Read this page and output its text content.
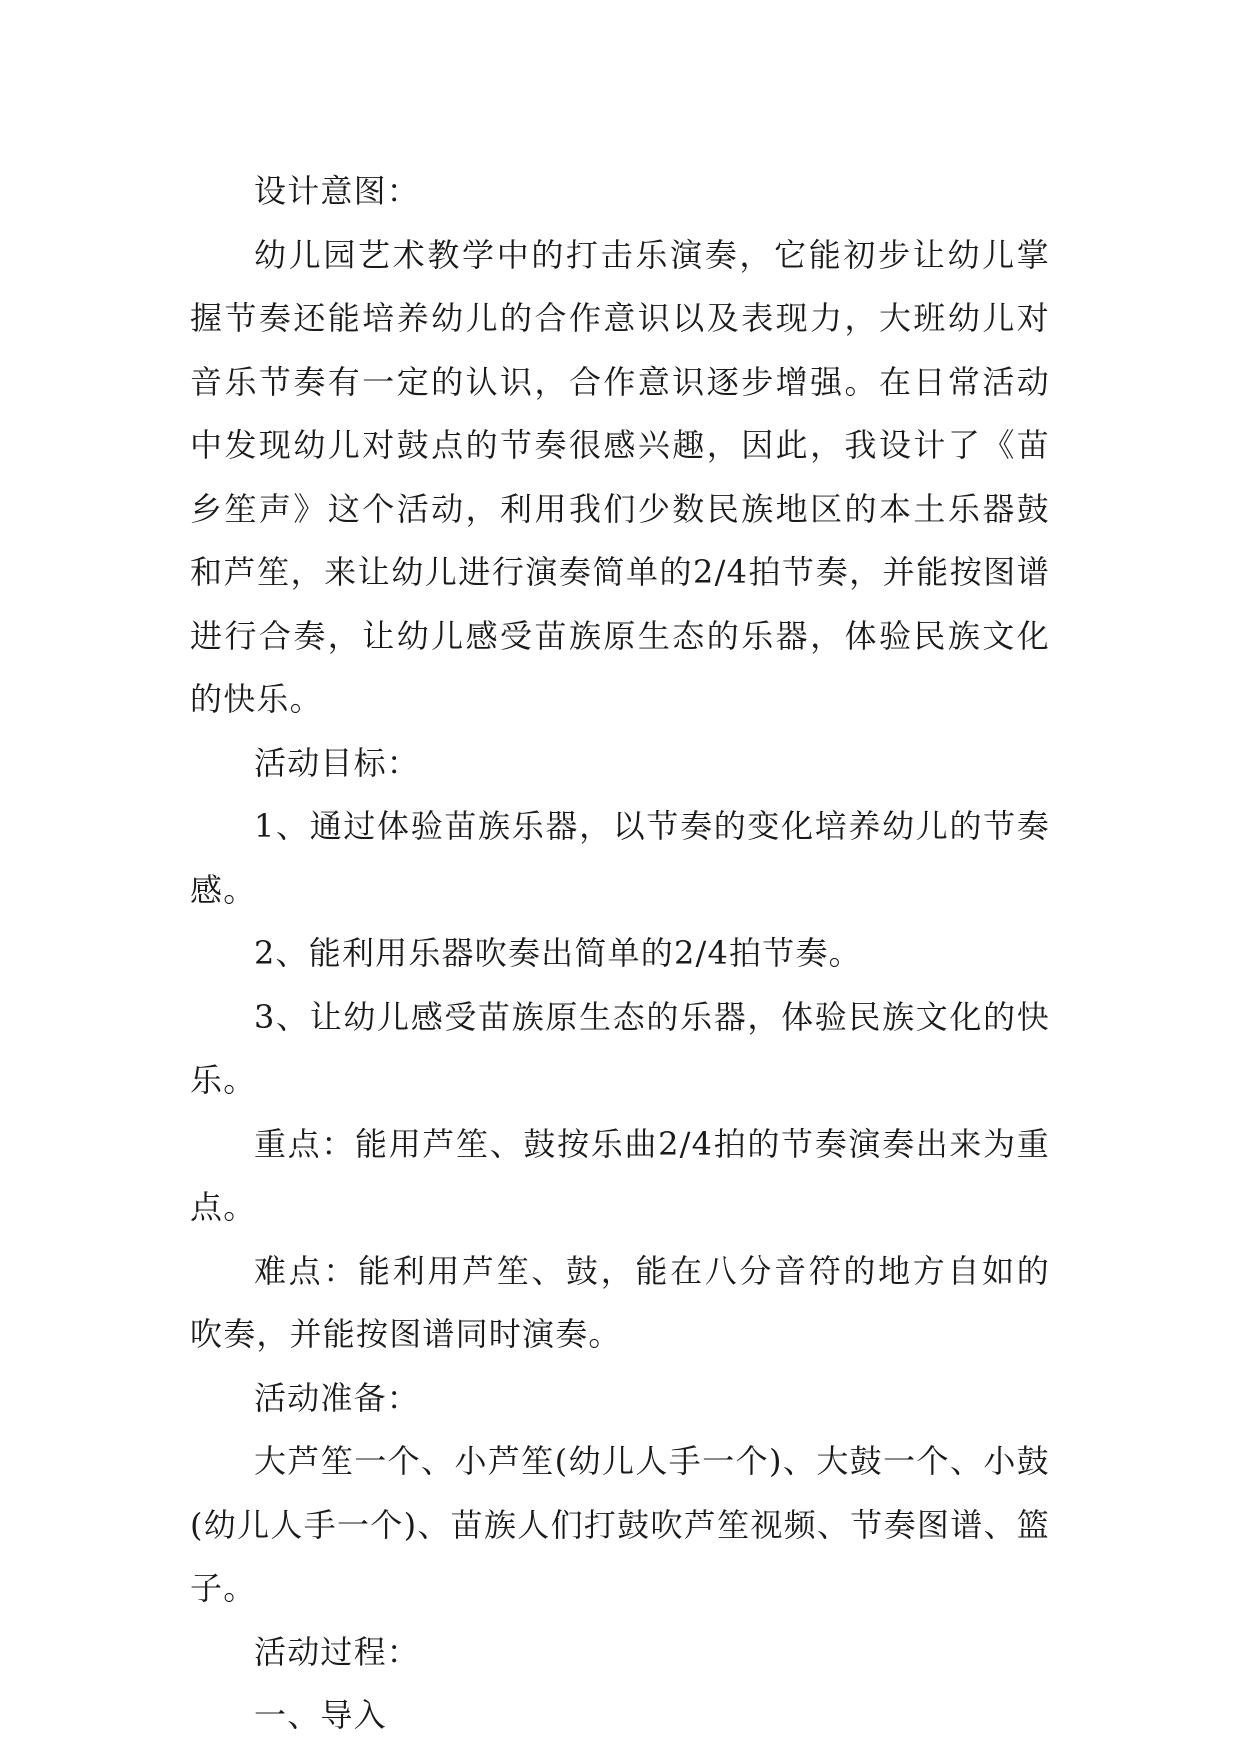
设计意图：

幼儿园艺术教学中的打击乐演奏，它能初步让幼儿掌握节奏还能培养幼儿的合作意识以及表现力，大班幼儿对音乐节奏有一定的认识，合作意识逐步增强。在日常活动中发现幼儿对鼓点的节奏很感兴趣，因此，我设计了《苗乡笙声》这个活动，利用我们少数民族地区的本土乐器鼓和芦笙，来让幼儿进行演奏简单的2/4拍节奏，并能按图谱进行合奏，让幼儿感受苗族原生态的乐器，体验民族文化的快乐。

活动目标：

1、通过体验苗族乐器，以节奏的变化培养幼儿的节奏感。

2、能利用乐器吹奏出简单的2/4拍节奏。

3、让幼儿感受苗族原生态的乐器，体验民族文化的快乐。

重点：能用芦笙、鼓按乐曲2/4拍的节奏演奏出来为重点。

难点：能利用芦笙、鼓，能在八分音符的地方自如的吹奏，并能按图谱同时演奏。

活动准备：

大芦笙一个、小芦笙(幼儿人手一个)、大鼓一个、小鼓(幼儿人手一个)、苗族人们打鼓吹芦笙视频、节奏图谱、篮子。

活动过程：

一、导入
